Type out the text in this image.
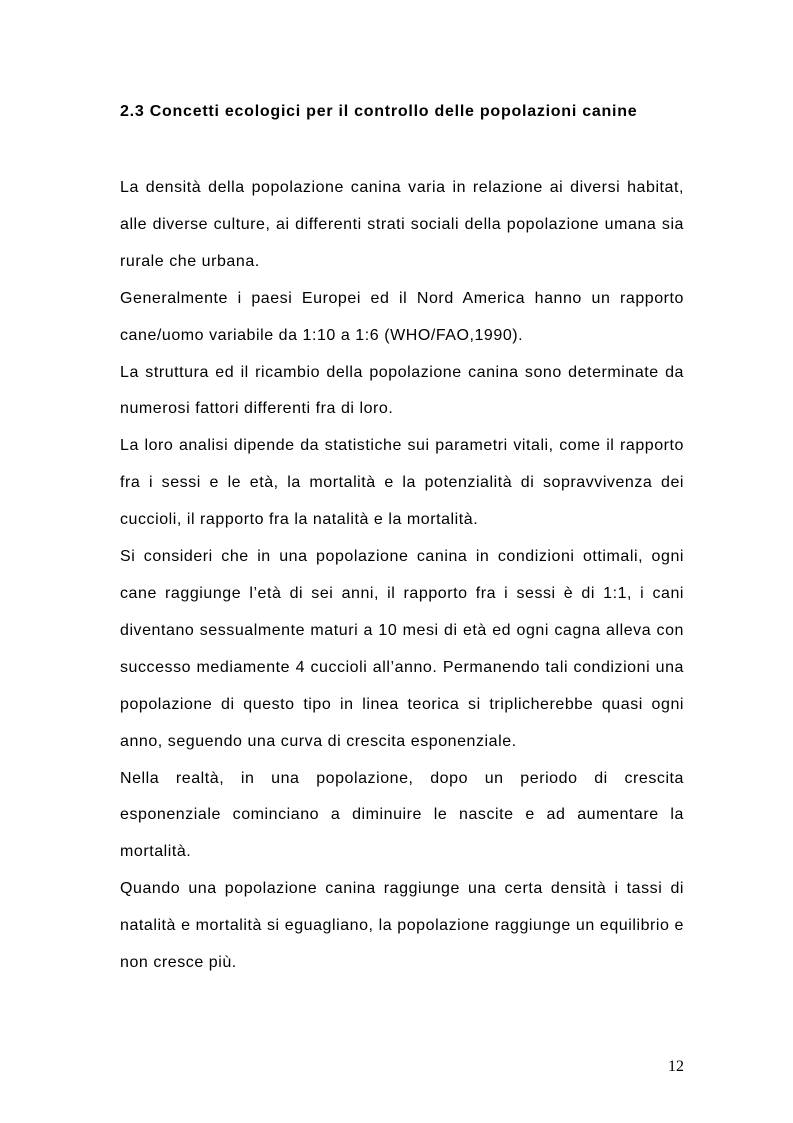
2.3 Concetti ecologici per il controllo delle popolazioni canine

La densità della popolazione canina varia in relazione ai diversi habitat, alle diverse culture, ai differenti strati sociali della popolazione umana sia rurale che urbana.

Generalmente i paesi Europei ed il Nord America hanno un rapporto cane/uomo variabile da 1:10 a 1:6 (WHO/FAO,1990).

La struttura ed il ricambio della popolazione canina sono determinate da numerosi fattori differenti fra di loro.

La loro analisi dipende da statistiche sui parametri vitali, come il rapporto fra i sessi e le età, la mortalità e la potenzialità di sopravvivenza dei cuccioli, il rapporto fra la natalità e la mortalità.

Si consideri che in una popolazione canina in condizioni ottimali, ogni cane raggiunge l’età di sei anni, il rapporto fra i sessi è di 1:1, i cani diventano sessualmente maturi a 10 mesi di età ed ogni cagna alleva con successo mediamente 4 cuccioli all’anno. Permanendo tali condizioni una popolazione di questo tipo in linea teorica si triplicherebbe quasi ogni anno, seguendo una curva di crescita esponenziale.

Nella realtà, in una popolazione, dopo un periodo di crescita esponenziale cominciano a diminuire le nascite e ad aumentare la mortalità.

Quando una popolazione canina raggiunge una certa densità i tassi di natalità e mortalità si eguagliano, la popolazione raggiunge un equilibrio e non cresce più.

12
